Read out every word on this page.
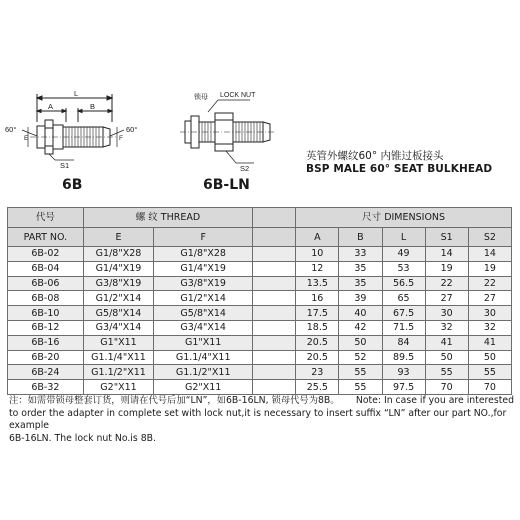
L
A	B
60°	60°
E	F
S1
锁母 LOCK NUT
S2
6B	6B-LN
英管外螺纹60° 内锥过板接头
BSP MALE 60° SEAT BULKHEAD
代号	螺 纹 THREAD			尺寸 DIMENSIONS				

PART NO.	E	F		A	B	L	S1	S2
6B-02	G1/8"X28	G1/8"X28		10	33	49	14	14
6B-04	G1/4"X19	G1/4"X19		12	35	53	19	19
6B-06	G3/8"X19	G3/8"X19		13.5	35	56.5	22	22
6B-08	G1/2"X14	G1/2"X14		16	39	65	27	27
6B-10	G5/8"X14	G5/8"X14		17.5	40	67.5	30	30
6B-12	G3/4"X14	G3/4"X14		18.5	42	71.5	32	32
6B-16	G1"X11	G1"X11		20.5	50	84	41	41
6B-20	G1.1/4"X11	G1.1/4"X11		20.5	52	89.5	50	50
6B-24	G1.1/2"X11	G1.1/2"X11		23	55	93	55	55
6B-32	G2"X11	G2"X11		25.5	55	97.5	70	70
注：如需带锁母整套订货，则请在代号后加“LN”，如6B-16LN, 锁母代号为8B。 Note: In case if you are interested
to order the adapter in complete set with lock nut,it is necessary to insert suffix “LN” after our part NO.,for example
6B-16LN. The lock nut No.is 8B.
